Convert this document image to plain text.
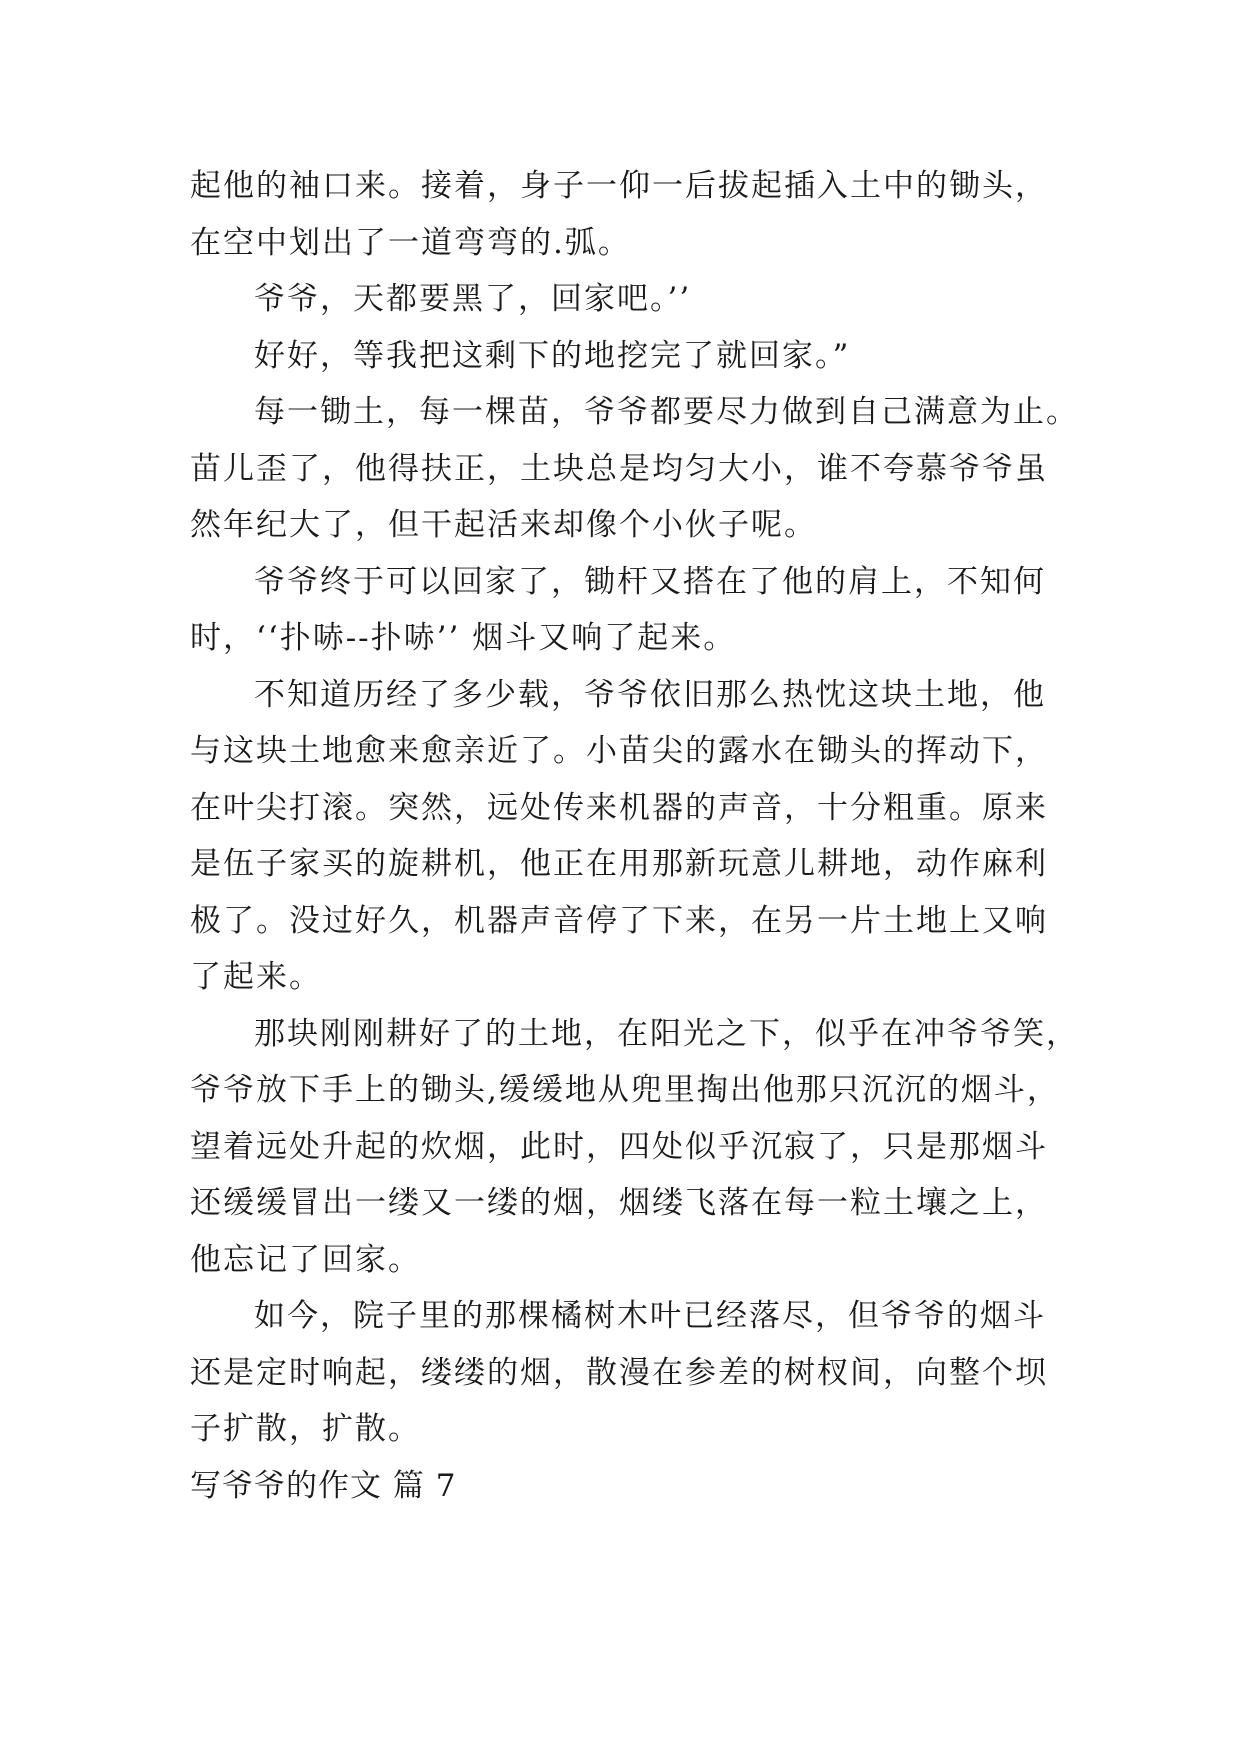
起他的袖口来。接着，身子一仰一后拔起插入土中的锄头，
在空中划出了一道弯弯的.弧。
爷爷，天都要黑了，回家吧。’’
好好，等我把这剩下的地挖完了就回家。”
每一锄土，每一棵苗，爷爷都要尽力做到自己满意为止。
苗儿歪了，他得扶正，土块总是均匀大小，谁不夸慕爷爷虽
然年纪大了，但干起活来却像个小伙子呢。
爷爷终于可以回家了，锄杆又搭在了他的肩上，不知何
时，‘‘扑哧--扑哧’’ 烟斗又响了起来。
不知道历经了多少载，爷爷依旧那么热忱这块土地，他
与这块土地愈来愈亲近了。小苗尖的露水在锄头的挥动下，
在叶尖打滚。突然，远处传来机器的声音，十分粗重。原来
是伍子家买的旋耕机，他正在用那新玩意儿耕地，动作麻利
极了。没过好久，机器声音停了下来，在另一片土地上又响
了起来。
那块刚刚耕好了的土地，在阳光之下，似乎在冲爷爷笑，
爷爷放下手上的锄头,缓缓地从兜里掏出他那只沉沉的烟斗，
望着远处升起的炊烟，此时，四处似乎沉寂了，只是那烟斗
还缓缓冒出一缕又一缕的烟，烟缕飞落在每一粒土壤之上，
他忘记了回家。
如今，院子里的那棵橘树木叶已经落尽，但爷爷的烟斗
还是定时响起，缕缕的烟，散漫在参差的树杈间，向整个坝
子扩散，扩散。
写爷爷的作文 篇 7
